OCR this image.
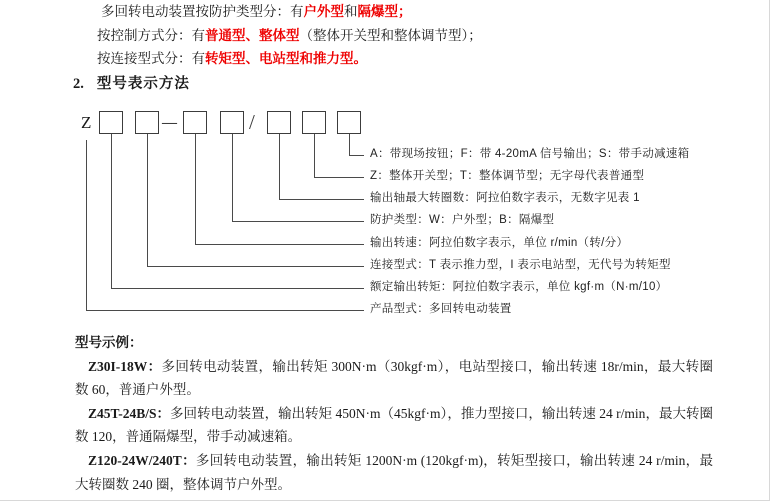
多回转电动装置按防护类型分：有户外型和隔爆型；

按控制方式分：有普通型、整体型（整体开关型和整体调节型）；

按连接型式分：有转矩型、电站型和推力型。

2. 型号表示方法
Z	—	/
A：带现场按钮；F：带 4-20mA 信号输出；S：带手动减速箱
Z：整体开关型；T：整体调节型；无字母代表普通型
输出轴最大转圈数：阿拉伯数字表示，无数字见表 1
防护类型：W：户外型；B：隔爆型
输出转速：阿拉伯数字表示，单位 r/min（转/分）
连接型式：T 表示推力型，I 表示电站型，无代号为转矩型
额定输出转矩：阿拉伯数字表示，单位 kgf·m（N·m/10）
产品型式：多回转电动装置
型号示例：

Z30I-18W：多回转电动装置，输出转矩 300N·m（30kgf·m），电站型接口，输出转速 18r/min，最大转圈数 60，普通户外型。

Z45T-24B/S：多回转电动装置，输出转矩 450N·m（45kgf·m），推力型接口，输出转速 24 r/min，最大转圈数 120，普通隔爆型，带手动减速箱。

Z120-24W/240T：多回转电动装置，输出转矩 1200N·m (120kgf·m)，转矩型接口，输出转速 24 r/min，最大转圈数 240 圈，整体调节户外型。
